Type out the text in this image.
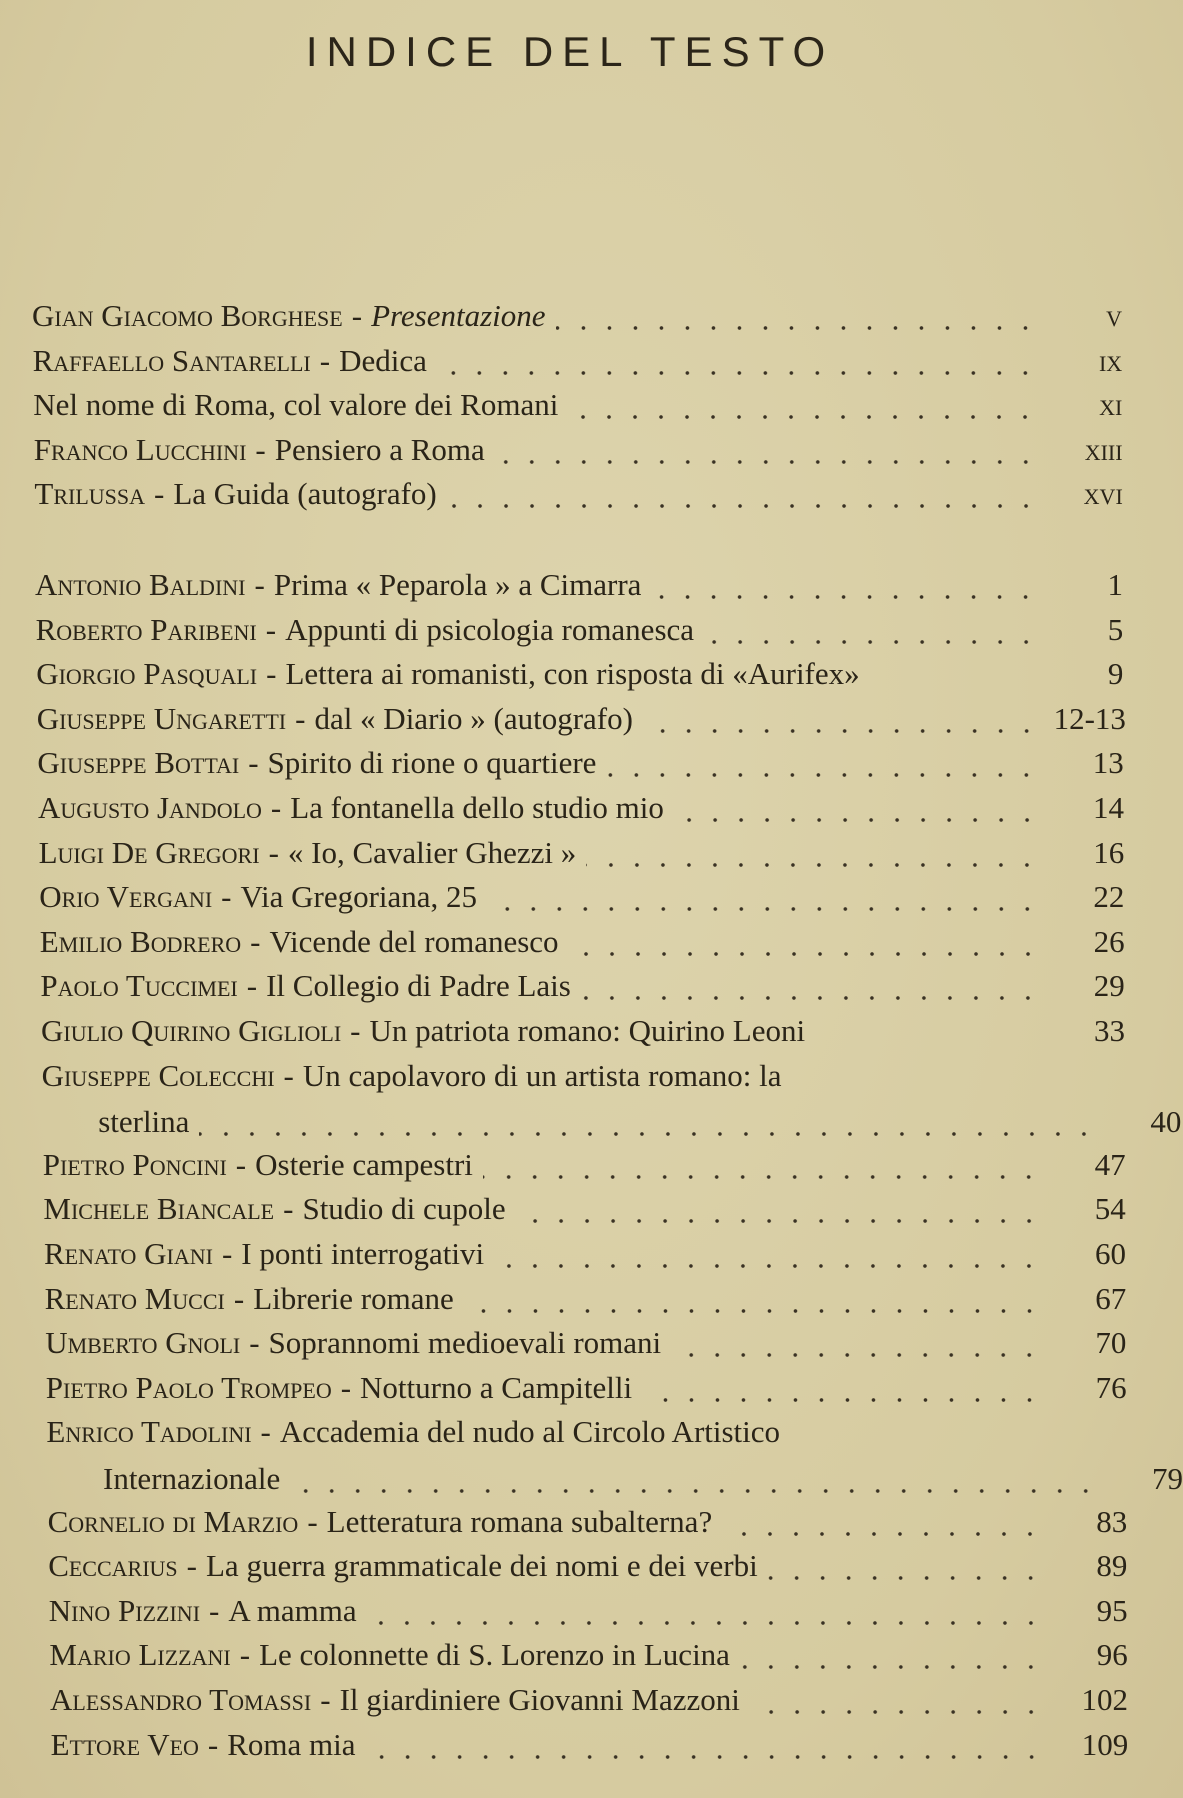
INDICE DEL TESTO
Gian Giacomo Borghese - Presentazione	v
Raffaello Santarelli - Dedica	ix
Nel nome di Roma, col valore dei Romani	xi
Franco Lucchini - Pensiero a Roma	xiii
Trilussa - La Guida (autografo)	xvi
Antonio Baldini - Prima « Peparola » a Cimarra	1
Roberto Paribeni - Appunti di psicologia romanesca	5
Giorgio Pasquali - Lettera ai romanisti, con risposta di «Aurifex»	9
Giuseppe Ungaretti - dal « Diario » (autografo)	12-13
Giuseppe Bottai - Spirito di rione o quartiere	13
Augusto Jandolo - La fontanella dello studio mio	14
Luigi De Gregori - « Io, Cavalier Ghezzi »	16
Orio Vergani - Via Gregoriana, 25	22
Emilio Bodrero - Vicende del romanesco	26
Paolo Tuccimei - Il Collegio di Padre Lais	29
Giulio Quirino Giglioli - Un patriota romano: Quirino Leoni	33
Giuseppe Colecchi - Un capolavoro di un artista romano: la
sterlina	40
Pietro Poncini - Osterie campestri	47
Michele Biancale - Studio di cupole	54
Renato Giani - I ponti interrogativi	60
Renato Mucci - Librerie romane	67
Umberto Gnoli - Soprannomi medioevali romani	70
Pietro Paolo Trompeo - Notturno a Campitelli	76
Enrico Tadolini - Accademia del nudo al Circolo Artistico
Internazionale	79
Cornelio di Marzio - Letteratura romana subalterna?	83
Ceccarius - La guerra grammaticale dei nomi e dei verbi	89
Nino Pizzini - A mamma	95
Mario Lizzani - Le colonnette di S. Lorenzo in Lucina	96
Alessandro Tomassi - Il giardiniere Giovanni Mazzoni	102
Ettore Veo - Roma mia	109
